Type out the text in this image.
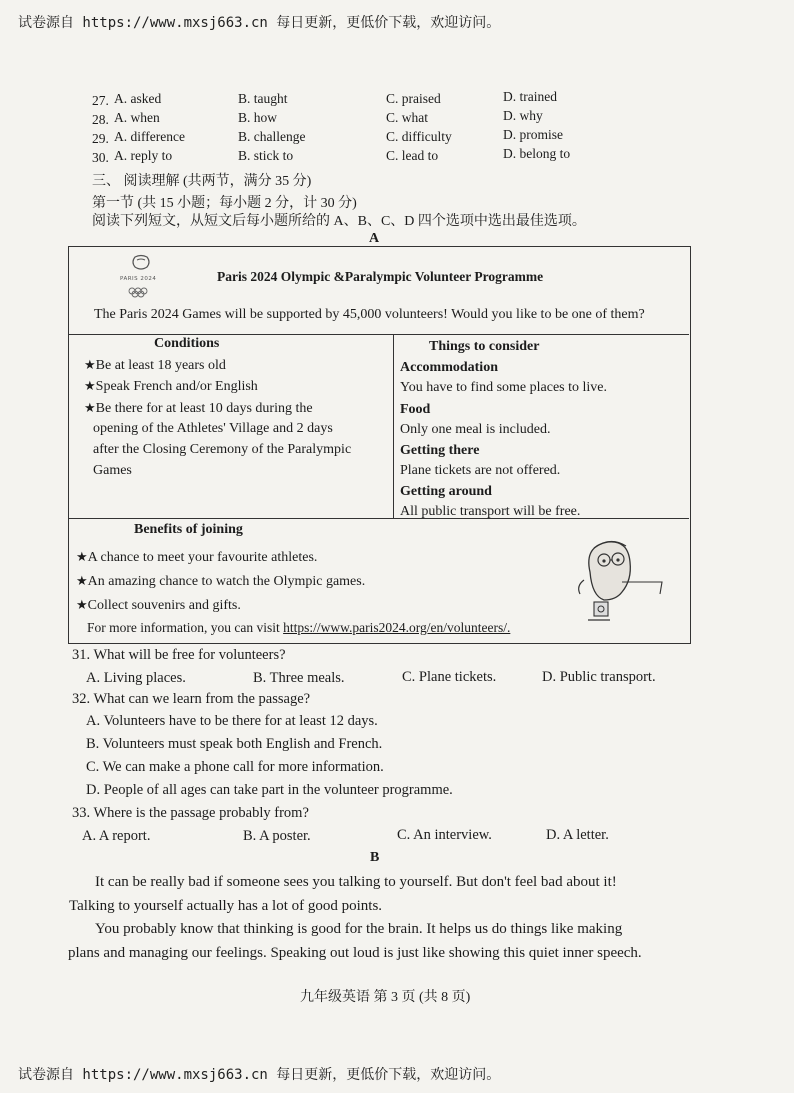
试卷源自 https://www.mxsj663.cn 每日更新，更低价下载，欢迎访问。
27. A. asked	B. taught	C. praised	D. trained
28. A. when	B. how	C. what	D. why
29. A. difference	B. challenge	C. difficulty	D. promise
30. A. reply to	B. stick to	C. lead to	D. belong to
三、 阅读理解 (共两节，满分 35 分)
第一节 (共 15 小题；每小题 2 分，计 30 分)
阅读下列短文，从短文后每小题所给的 A、B、C、D 四个选项中选出最佳选项。
A
PARIS 2024	Paris 2024 Olympic &Paralympic Volunteer Programme
The Paris 2024 Games will be supported by 45,000 volunteers! Would you like to be one of them?
Conditions
★ Be at least 18 years old
★ Speak French and/or English
★ Be there for at least 10 days during the
opening of the Athletes' Village and 2 days
after the Closing Ceremony of the Paralympic
Games
Things to consider
Accommodation
You have to find some places to live.
Food
Only one meal is included.
Getting there
Plane tickets are not offered.
Getting around
All public transport will be free.
Benefits of joining
★ A chance to meet your favourite athletes.
★ An amazing chance to watch the Olympic games.
★ Collect souvenirs and gifts.
For more information, you can visit https://www.paris2024.org/en/volunteers/.
31. What will be free for volunteers?
A. Living places.	B. Three meals.	C. Plane tickets.	D. Public transport.
32. What can we learn from the passage?
A. Volunteers have to be there for at least 12 days.
B. Volunteers must speak both English and French.
C. We can make a phone call for more information.
D. People of all ages can take part in the volunteer programme.
33. Where is the passage probably from?
A. A report.	B. A poster.	C. An interview.	D. A letter.
B
It can be really bad if someone sees you talking to yourself. But don't feel bad about it!
Talking to yourself actually has a lot of good points.
You probably know that thinking is good for the brain. It helps us do things like making
plans and managing our feelings. Speaking out loud is just like showing this quiet inner speech.
九年级英语 第 3 页 (共 8 页)
试卷源自 https://www.mxsj663.cn 每日更新，更低价下载，欢迎访问。
